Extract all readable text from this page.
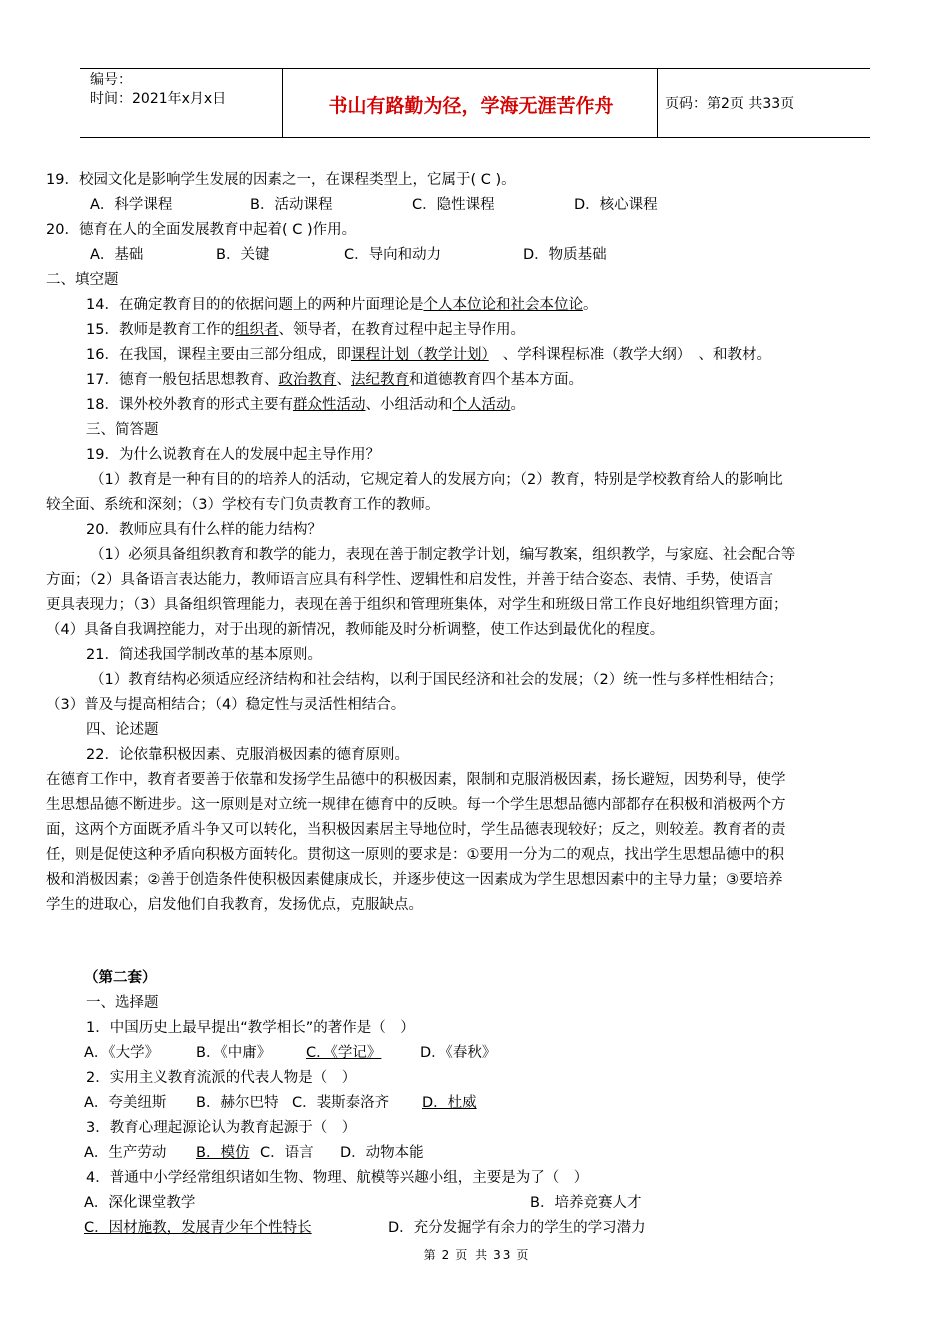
编号：
时间：2021年x月x日	书山有路勤为径，学海无涯苦作舟	页码：第2页 共33页
19．校园文化是影响学生发展的因素之一，在课程类型上，它属于( C )。
A．科学课程	B．活动课程	C．隐性课程	D．核心课程
20．德育在人的全面发展教育中起着( C )作用。
A．基础	B．关键	C．导向和动力	D．物质基础
二、填空题
14．在确定教育目的的依据问题上的两种片面理论是个人本位论和社会本位论。
15．教师是教育工作的组织者、领导者，在教育过程中起主导作用。
16．在我国，课程主要由三部分组成，即课程计划（教学计划） 、学科课程标准（教学大纲）　、和教材。
17．德育一般包括思想教育、政治教育、法纪教育和道德教育四个基本方面。
18．课外校外教育的形式主要有群众性活动、小组活动和个人活动。
三、简答题
19．为什么说教育在人的发展中起主导作用？
（1）教育是一种有目的的培养人的活动，它规定着人的发展方向；（2）教育，特别是学校教育给人的影响比
较全面、系统和深刻；（3）学校有专门负责教育工作的教师。
20．教师应具有什么样的能力结构？
（1）必须具备组织教育和教学的能力，表现在善于制定教学计划，编写教案，组织教学，与家庭、社会配合等
方面；（2）具备语言表达能力，教师语言应具有科学性、逻辑性和启发性，并善于结合姿态、表情、手势，使语言
更具表现力；（3）具备组织管理能力，表现在善于组织和管理班集体，对学生和班级日常工作良好地组织管理方面；
（4）具备自我调控能力，对于出现的新情况，教师能及时分析调整，使工作达到最优化的程度。
21．简述我国学制改革的基本原则。
（1）教育结构必须适应经济结构和社会结构，以利于国民经济和社会的发展；（2）统一性与多样性相结合；
（3）普及与提高相结合；（4）稳定性与灵活性相结合。
四、论述题
22．论依靠积极因素、克服消极因素的德育原则。
在德育工作中，教育者要善于依靠和发扬学生品德中的积极因素，限制和克服消极因素，扬长避短，因势利导，使学
生思想品德不断进步。这一原则是对立统一规律在德育中的反映。每一个学生思想品德内部都存在积极和消极两个方
面，这两个方面既矛盾斗争又可以转化，当积极因素居主导地位时，学生品德表现较好；反之，则较差。教育者的责
任，则是促使这种矛盾向积极方面转化。贯彻这一原则的要求是：①要用一分为二的观点，找出学生思想品德中的积
极和消极因素；②善于创造条件使积极因素健康成长，并逐步使这一因素成为学生思想因素中的主导力量；③要培养
学生的进取心，启发他们自我教育，发扬优点，克服缺点。
（第二套）
一、选择题
1．中国历史上最早提出“教学相长”的著作是（　）
A．《大学》	B．《中庸》 C．《学记》	D．《春秋》
2．实用主义教育流派的代表人物是（　）
A．夸美纽斯 B．赫尔巴特 C．裴斯泰洛齐 D．杜威
3．教育心理起源论认为教育起源于（　）
A．生产劳动 B．模仿 C．语言 D．动物本能
4．普通中小学经常组织诸如生物、物理、航模等兴趣小组，主要是为了（　）
A．深化课堂教学	B．培养竞赛人才
C．因材施教，发展青少年个性特长	D．充分发掘学有余力的学生的学习潜力
第 2 页 共 33 页
